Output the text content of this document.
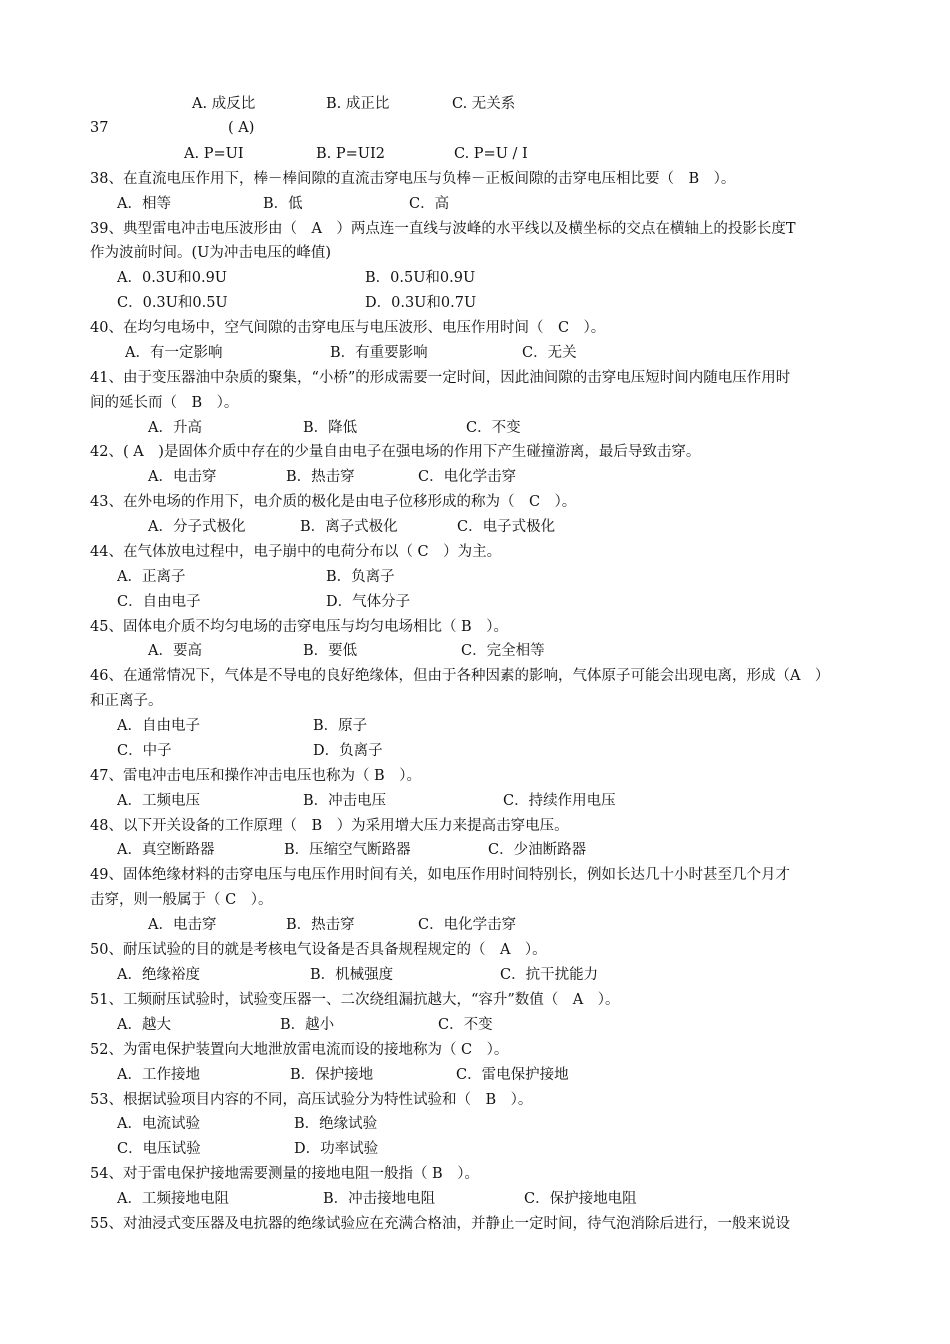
A. 成反比	B. 成正比	C. 无关系
37	( A)
A. P=UI	B. P=UI2	C. P=U / I
38、在直流电压作用下，棒－棒间隙的直流击穿电压与负棒－正板间隙的击穿电压相比要（　B　）。
A．相等	B．低	C．高
39、典型雷电冲击电压波形由（　A　）两点连一直线与波峰的水平线以及横坐标的交点在横轴上的投影长度T
作为波前时间。(U为冲击电压的峰值)
A．0.3U和0.9U	B．0.5U和0.9U
C．0.3U和0.5U	D．0.3U和0.7U
40、在均匀电场中，空气间隙的击穿电压与电压波形、电压作用时间（　C　）。
A．有一定影响	B．有重要影响	C．无关
41、由于变压器油中杂质的聚集，“小桥”的形成需要一定时间，因此油间隙的击穿电压短时间内随电压作用时
间的延长而（　B　）。
A．升高	B．降低	C．不变
42、( A　)是固体介质中存在的少量自由电子在强电场的作用下产生碰撞游离，最后导致击穿。
A．电击穿	B．热击穿	C．电化学击穿
43、在外电场的作用下，电介质的极化是由电子位移形成的称为（　C　）。
A．分子式极化	B．离子式极化	C．电子式极化
44、在气体放电过程中，电子崩中的电荷分布以（ C　）为主。
A．正离子	B．负离子
C．自由电子	D．气体分子
45、固体电介质不均匀电场的击穿电压与均匀电场相比（ B　）。
A．要高	B．要低	C．完全相等
46、在通常情况下，气体是不导电的良好绝缘体，但由于各种因素的影响，气体原子可能会出现电离，形成（A　）
和正离子。
A．自由电子	B．原子
C．中子	D．负离子
47、雷电冲击电压和操作冲击电压也称为（ B　）。
A．工频电压	B．冲击电压	C．持续作用电压
48、以下开关设备的工作原理（　B　）为采用增大压力来提高击穿电压。
A．真空断路器	B．压缩空气断路器	C．少油断路器
49、固体绝缘材料的击穿电压与电压作用时间有关，如电压作用时间特别长，例如长达几十小时甚至几个月才
击穿，则一般属于（ C　）。
A．电击穿	B．热击穿	C．电化学击穿
50、耐压试验的目的就是考核电气设备是否具备规程规定的（　A　）。
A．绝缘裕度	B．机械强度	C．抗干扰能力
51、工频耐压试验时，试验变压器一、二次绕组漏抗越大，“容升”数值（　A　）。
A．越大	B．越小	C．不变
52、为雷电保护装置向大地泄放雷电流而设的接地称为（ C　）。
A．工作接地	B．保护接地	C．雷电保护接地
53、根据试验项目内容的不同，高压试验分为特性试验和（　B　）。
A．电流试验	B．绝缘试验
C．电压试验	D．功率试验
54、对于雷电保护接地需要测量的接地电阻一般指（ B　）。
A．工频接地电阻	B．冲击接地电阻	C．保护接地电阻
55、对油浸式变压器及电抗器的绝缘试验应在充满合格油，并静止一定时间，待气泡消除后进行，一般来说设
